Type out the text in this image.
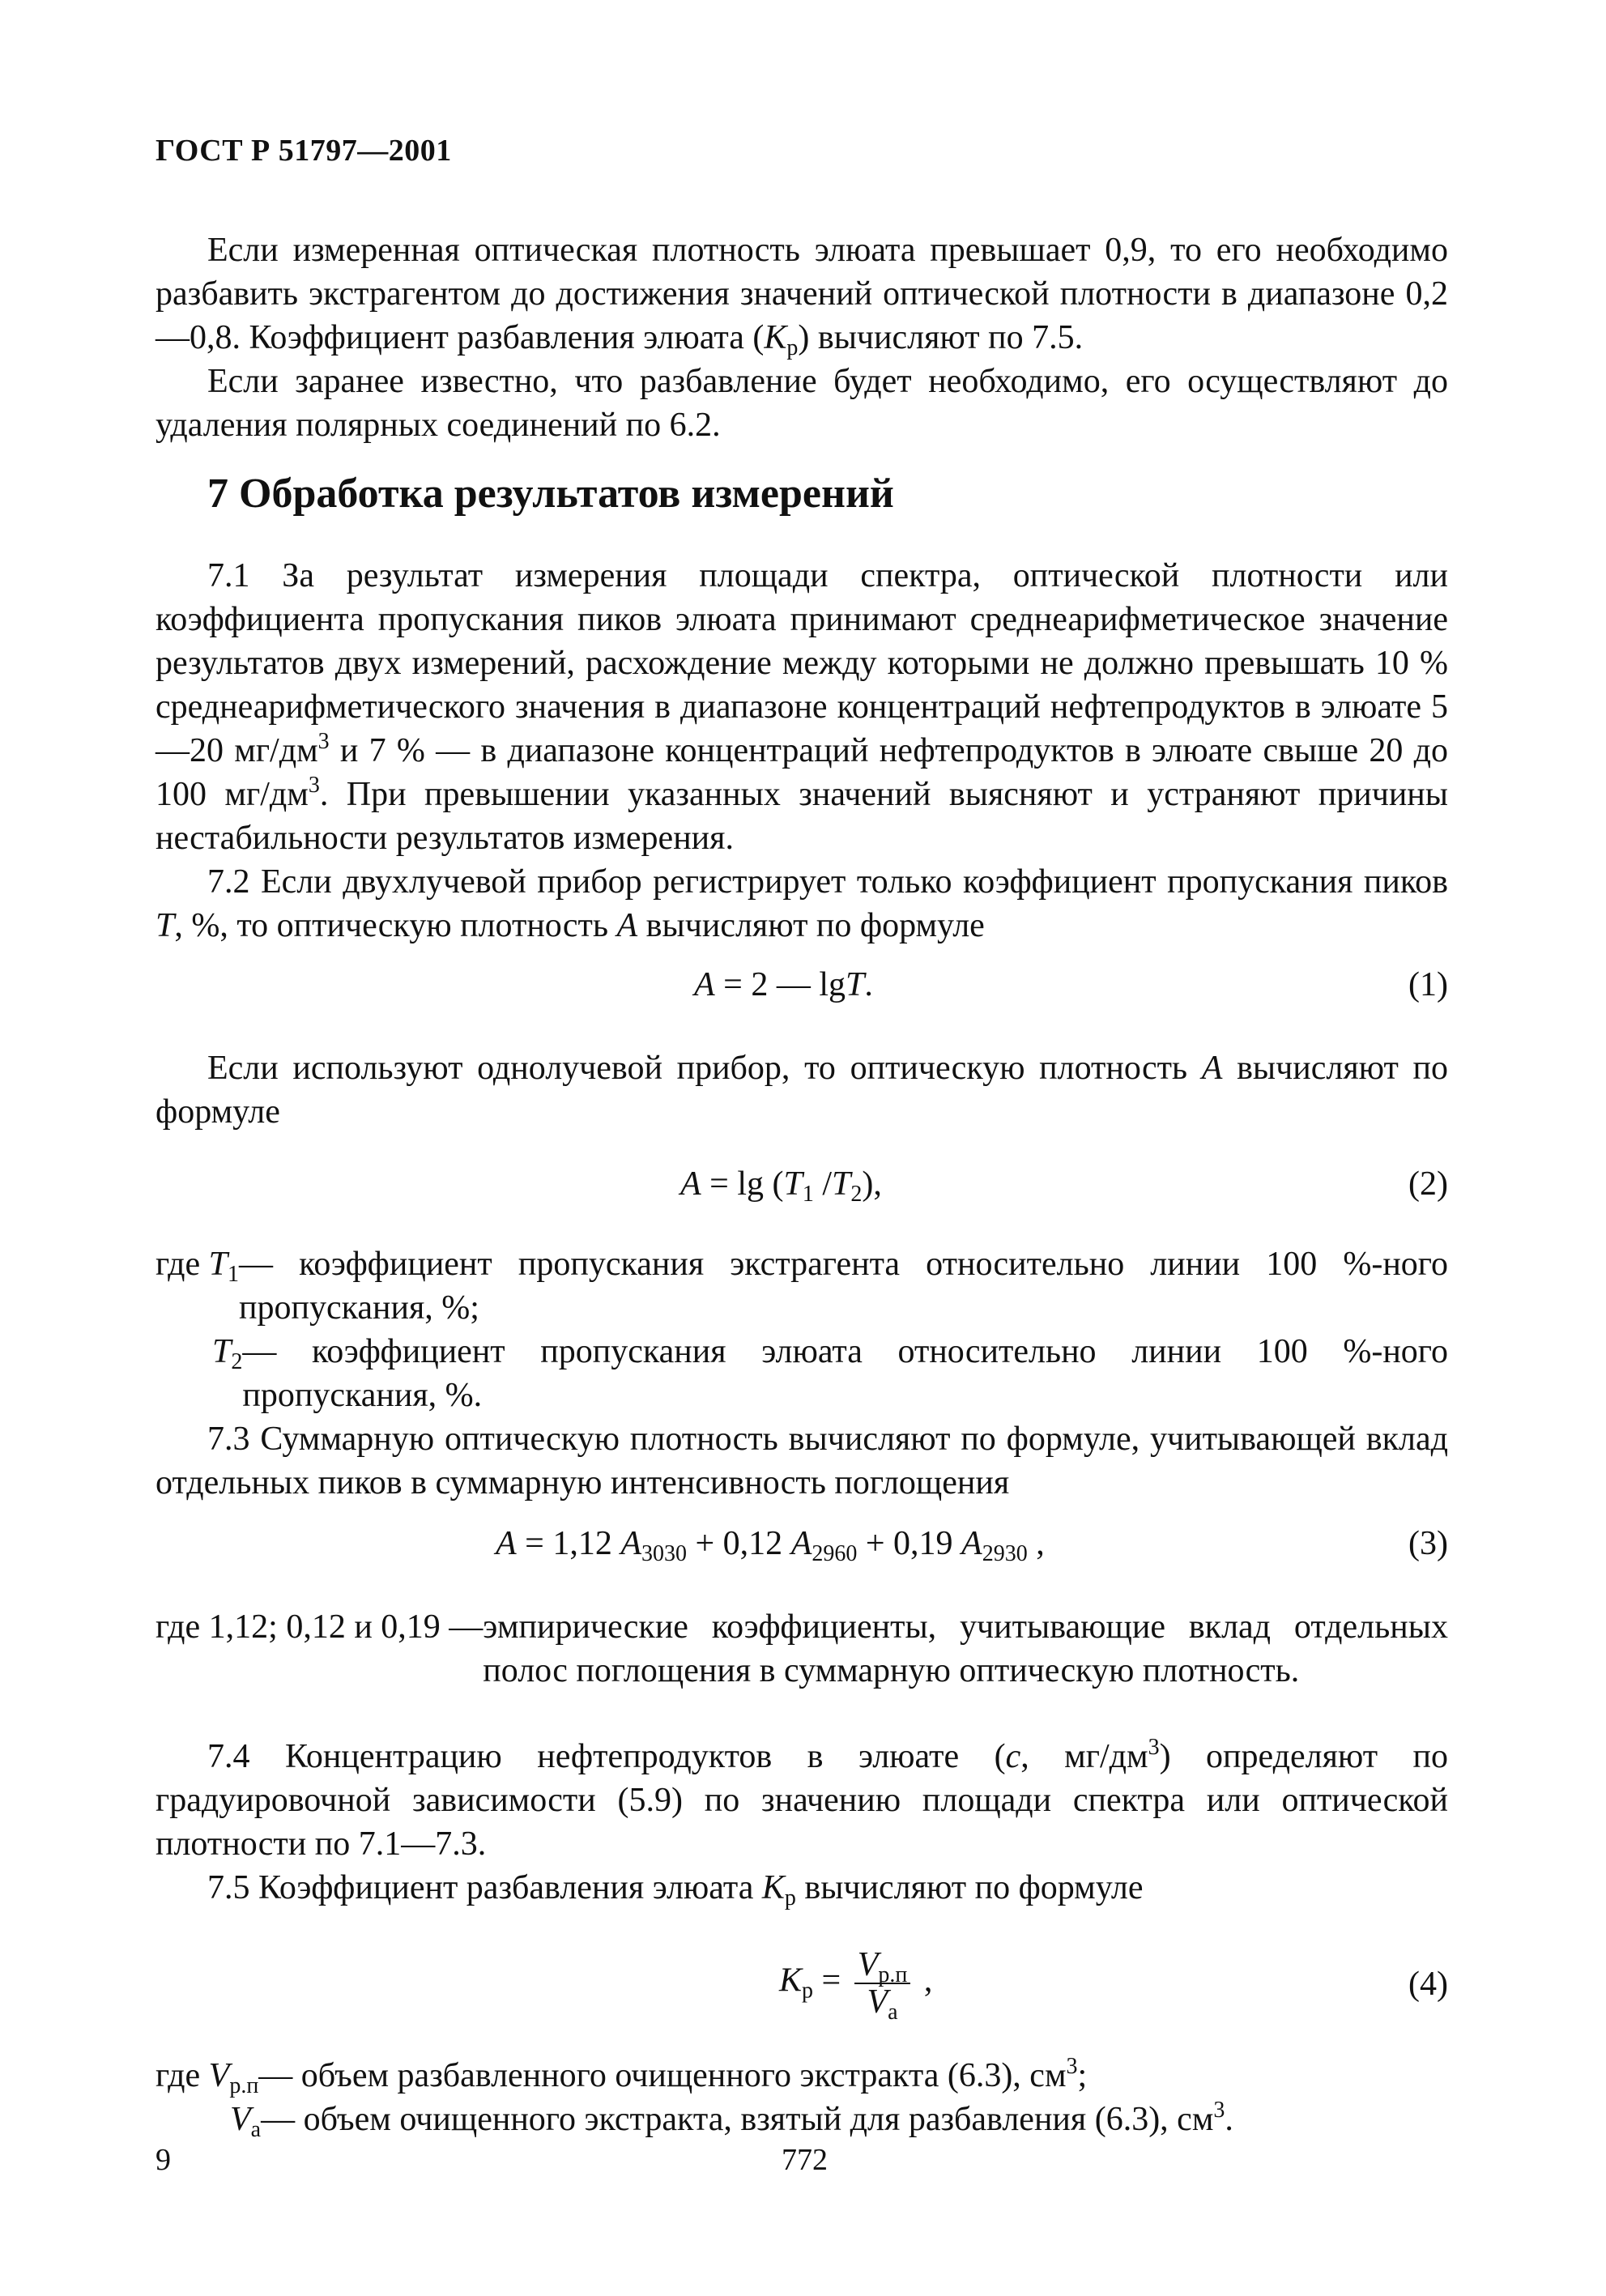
ГОСТ Р 51797—2001

Если измеренная оптическая плотность элюата превышает 0,9, то его необходимо разбавить экстрагентом до достижения значений оптической плотности в диапазоне 0,2—0,8. Коэффициент разбавления элюата $(K_p)$ вычисляют по 7.5.

Если заранее известно, что разбавление будет необходимо, его осуществляют до удаления полярных соединений по 6.2.

7 Обработка результатов измерений

7.1 За результат измерения площади спектра, оптической плотности или коэффициента пропускания пиков элюата принимают среднеарифметическое значение результатов двух измерений, расхождение между которыми не должно превышать 10 % среднеарифметического значения в диапазоне концентраций нефтепродуктов в элюате 5—20 $мг/дм^3$ и 7 % — в диапазоне концентраций нефтепродуктов в элюате свыше 20 до 100 $мг/дм^3$. При превышении указанных значений выясняют и устраняют причины нестабильности результатов измерения.

7.2 Если двухлучевой прибор регистрирует только коэффициент пропускания пиков T, %, то оптическую плотность A вычисляют по формуле

A = 2 — lgT.	(1)

Если используют однолучевой прибор, то оптическую плотность A вычисляют по формуле

$A = \lg (T_1$ $/T_2$),	(2)
где $T_1$ — коэффициент пропускания экстрагента относительно линии 100 %-ного пропускания, %;
$T_2$ — коэффициент пропускания элюата относительно линии 100 %-ного пропускания, %.

7.3 Суммарную оптическую плотность вычисляют по формуле, учитывающей вклад отдельных пиков в суммарную интенсивность поглощения

A = 1,12 $A_{3030} + 0,12$ $A_{2960} + 0,19$ $A_{2930}$ ,	(3)
где 1,12; 0,12 и 0,19 — эмпирические коэффициенты, учитывающие вклад отдельных полос поглощения в суммарную оптическую плотность.

7.4 Концентрацию нефтепродуктов в элюате (c, $мг/дм^3$) определяют по градуировочной зависимости (5.9) по значению площади спектра или оптической плотности по 7.1—7.3.

7.5 Коэффициент разбавления элюата $K_p$ вычисляют по формуле

$K_p = \frac{V_{р.п}}{V_a}$ ,	(4)
где $V_{р.п}$ — объем разбавленного очищенного экстракта (6.3), $см^3$;
$V_а$ — объем очищенного экстракта, взятый для разбавления (6.3), $см^3$.
9	772
